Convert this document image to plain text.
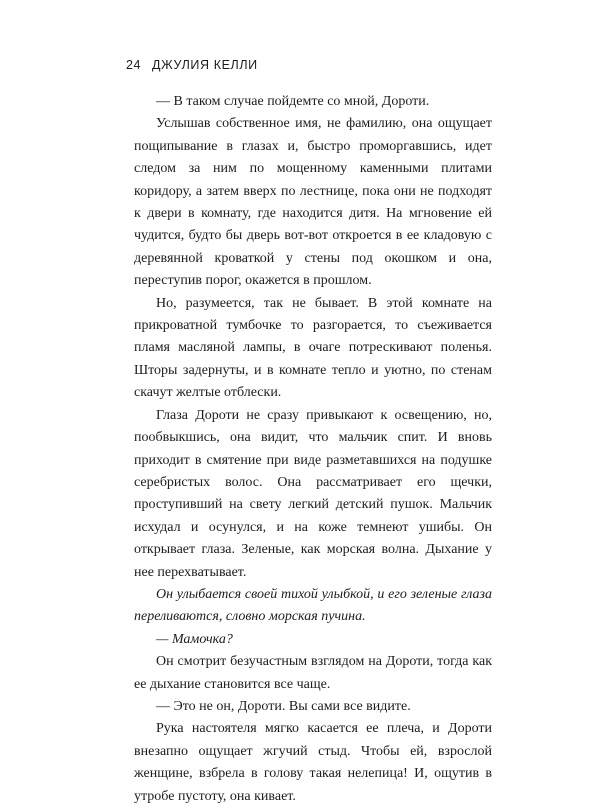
24 ДЖУЛИЯ КЕЛЛИ

— В таком случае пойдемте со мной, Дороти.

Услышав собственное имя, не фамилию, она ощущает пощипывание в глазах и, быстро проморгавшись, идет следом за ним по мощенному каменными плитами коридору, а затем вверх по лестнице, пока они не подходят к двери в комнату, где находится дитя. На мгновение ей чудится, будто бы дверь вот-вот откроется в ее кладовую с деревянной кроваткой у стены под окошком и она, переступив порог, окажется в прошлом.

Но, разумеется, так не бывает. В этой комнате на прикроватной тумбочке то разгорается, то съеживается пламя масляной лампы, в очаге потрескивают поленья. Шторы задернуты, и в комнате тепло и уютно, по стенам скачут желтые отблески.

Глаза Дороти не сразу привыкают к освещению, но, пообвыкшись, она видит, что мальчик спит. И вновь приходит в смятение при виде разметавшихся на подушке серебристых волос. Она рассматривает его щечки, проступивший на свету легкий детский пушок. Мальчик исхудал и осунулся, и на коже темнеют ушибы. Он открывает глаза. Зеленые, как морская волна. Дыхание у нее перехватывает.

Он улыбается своей тихой улыбкой, и его зеленые глаза переливаются, словно морская пучина.

— Мамочка?

Он смотрит безучастным взглядом на Дороти, тогда как ее дыхание становится все чаще.

— Это не он, Дороти. Вы сами все видите.

Рука настоятеля мягко касается ее плеча, и Дороти внезапно ощущает жгучий стыд. Чтобы ей, взрослой женщине, взбрела в голову такая нелепица! И, ощутив в утробе пустоту, она кивает.
